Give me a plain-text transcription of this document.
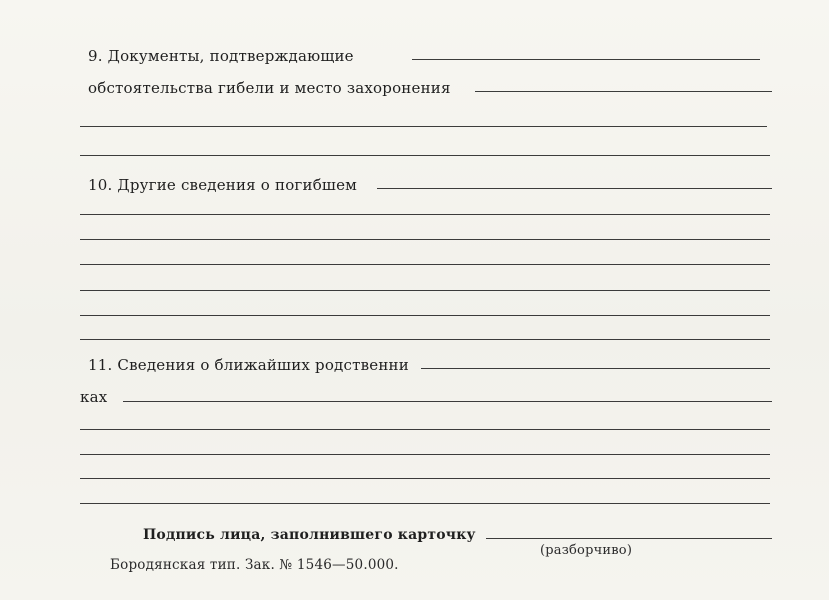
9. Документы, подтверждающие
обстоятельства гибели и место захоронения
10. Другие сведения о погибшем
11. Сведения о ближайших родственни
ках
Подпись лица, заполнившего карточку
(разборчиво)
Бородянская тип. Зак. № 1546—50.000.
